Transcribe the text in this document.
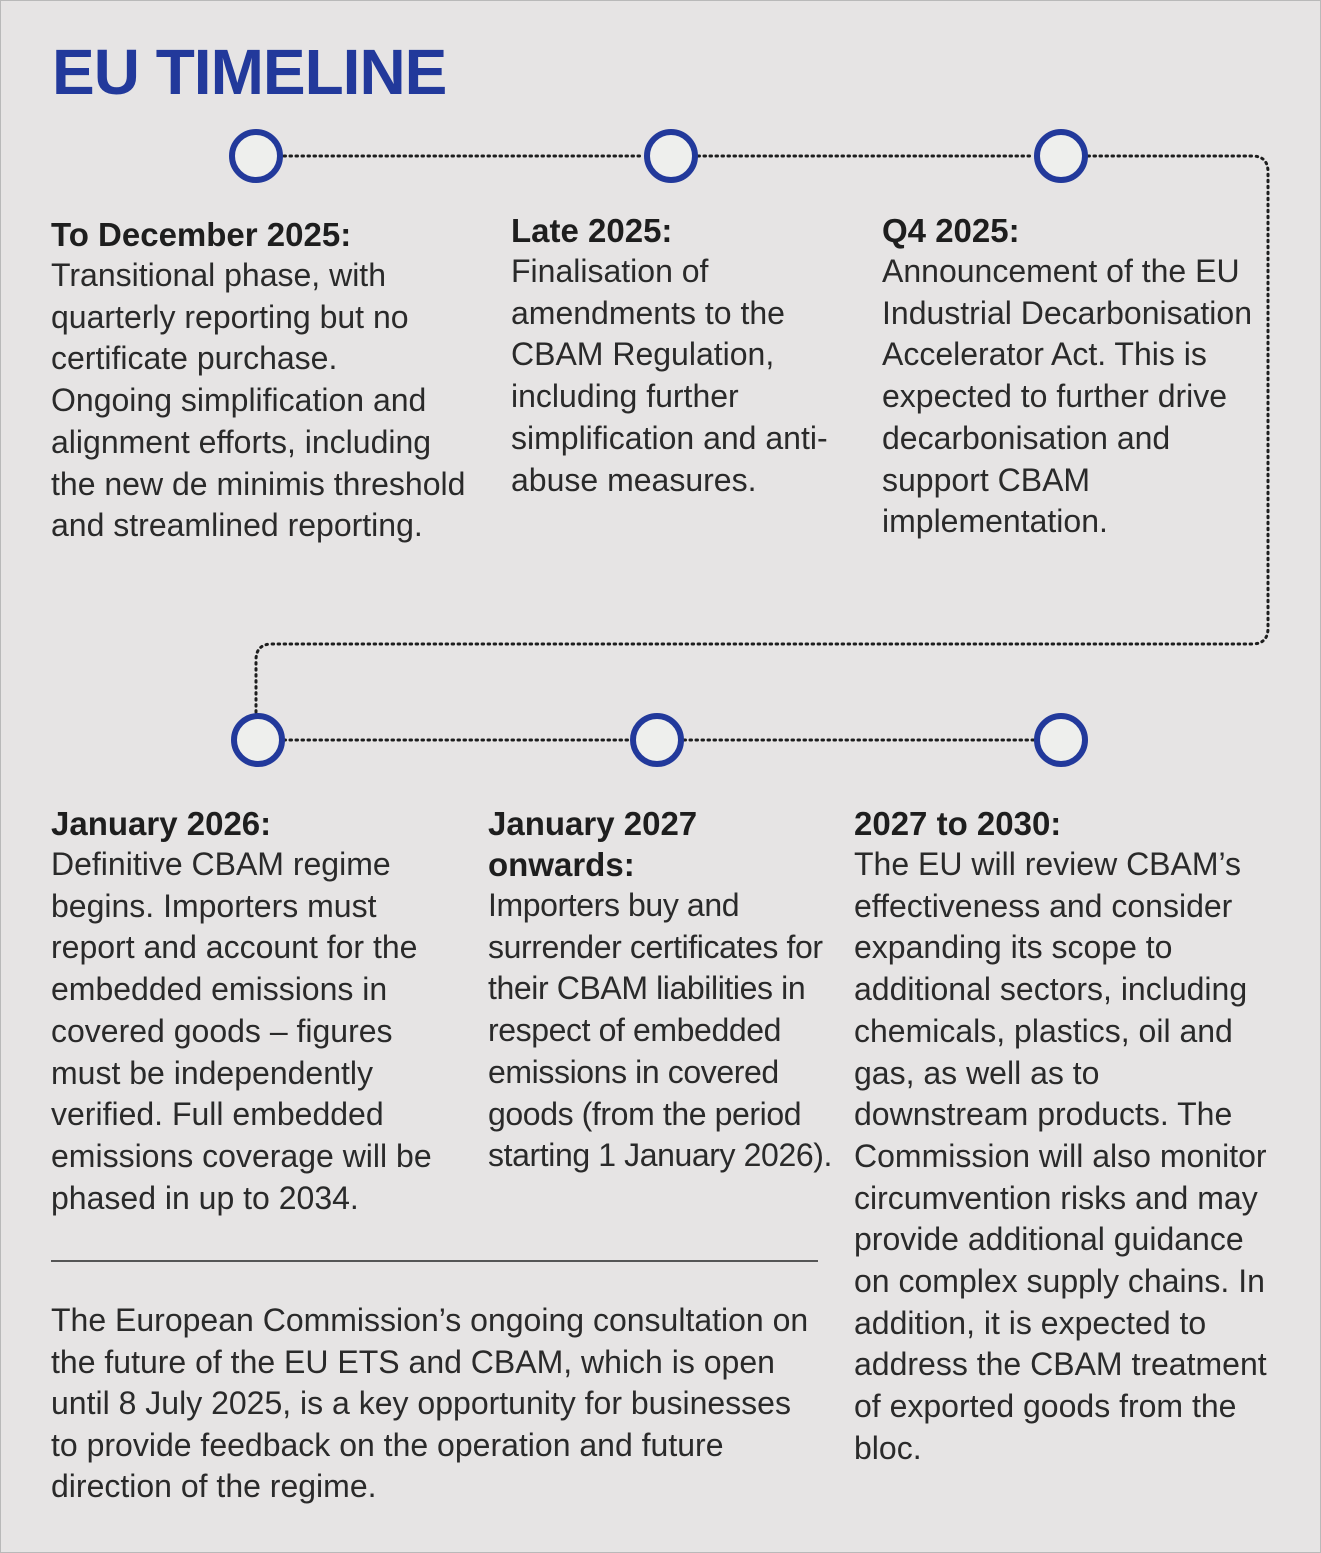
EU TIMELINE
To December 2025:

Transitional phase, with quarterly reporting but no certificate purchase. Ongoing simplification and alignment efforts, including the new de minimis threshold and streamlined reporting.

Late 2025:

Finalisation of amendments to the CBAM Regulation, including further simplification and anti-abuse measures.

Q4 2025:

Announcement of the EU Industrial Decarbonisation Accelerator Act. This is expected to further drive decarbonisation and support CBAM implementation.

January 2026:

Definitive CBAM regime begins. Importers must report and account for the embedded emissions in covered goods – figures must be independently verified. Full embedded emissions coverage will be phased in up to 2034.

January 2027 onwards:

Importers buy and surrender certificates for their CBAM liabilities in respect of embedded emissions in covered goods (from the period starting 1 January 2026).

2027 to 2030:

The EU will review CBAM’s effectiveness and consider expanding its scope to additional sectors, including chemicals, plastics, oil and gas, as well as to downstream products. The Commission will also monitor circumvention risks and may provide additional guidance on complex supply chains. In addition, it is expected to address the CBAM treatment of exported goods from the bloc.

The European Commission’s ongoing consultation on the future of the EU ETS and CBAM, which is open until 8 July 2025, is a key opportunity for businesses to provide feedback on the operation and future direction of the regime.
